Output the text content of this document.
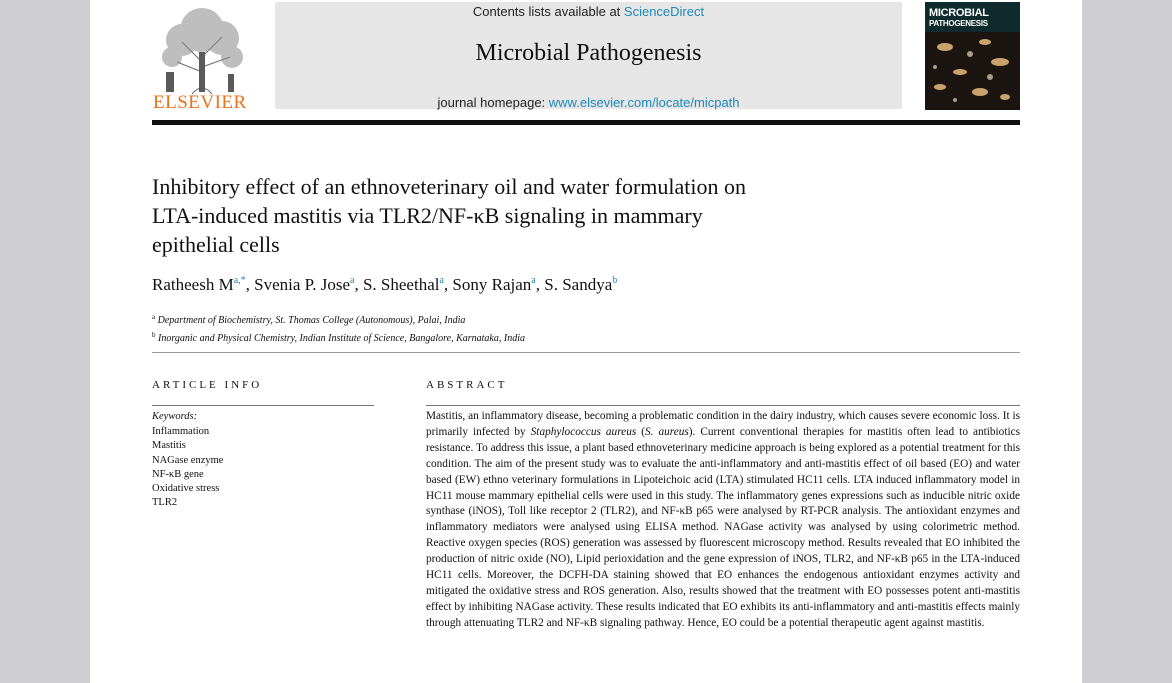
ELSEVIER
Contents lists available at ScienceDirect
Microbial Pathogenesis
journal homepage: www.elsevier.com/locate/micpath
MICROBIAL
PATHOGENESIS
Inhibitory effect of an ethnoveterinary oil and water formulation on
LTA-induced mastitis via TLR2/NF-κB signaling in mammary
epithelial cells
Ratheesh $M^{a,*}$, Svenia P. Jose$^a$, S. Sheethal$^a$, Sony Rajan$^a$, S. Sandya$^b$
$^a$ Department of Biochemistry, St. Thomas College (Autonomous), Palai, India
$^b$ Inorganic and Physical Chemistry, Indian Institute of Science, Bangalore, Karnataka, India
ARTICLE INFO
Keywords:
Inflammation
Mastitis
NAGase enzyme
NF-κB gene
Oxidative stress
TLR2
ABSTRACT

Mastitis, an inflammatory disease, becoming a problematic condition in the dairy industry, which causes severe economic loss. It is primarily infected by Staphylococcus aureus (S. aureus). Current conventional therapies for mastitis often lead to antibiotics resistance. To address this issue, a plant based ethnoveterinary medicine approach is being explored as a potential treatment for this condition. The aim of the present study was to evaluate the anti-inflammatory and anti-mastitis effect of oil based (EO) and water based (EW) ethno veterinary formulations in Lipoteichoic acid (LTA) stimulated HC11 cells. LTA induced inflammatory model in HC11 mouse mammary epithelial cells were used in this study. The inflammatory genes expressions such as inducible nitric oxide synthase (iNOS), Toll like receptor 2 (TLR2), and NF-κB p65 were analysed by RT-PCR analysis. The antioxidant enzymes and inflammatory mediators were analysed using ELISA method. NAGase activity was analysed by using colorimetric method. Reactive oxygen species (ROS) generation was assessed by fluorescent microscopy method. Results revealed that EO inhibited the production of nitric oxide (NO), Lipid perioxidation and the gene expression of iNOS, TLR2, and NF-κB p65 in the LTA-induced HC11 cells. Moreover, the DCFH-DA staining showed that EO enhances the endogenous antioxidant enzymes activity and mitigated the oxidative stress and ROS generation. Also, results showed that the treatment with EO possesses potent anti-mastitis effect by inhibiting NAGase activity. These results indicated that EO exhibits its anti-inflammatory and anti-mastitis effects mainly through attenuating TLR2 and NF-κB signaling pathway. Hence, EO could be a potential therapeutic agent against mastitis.
